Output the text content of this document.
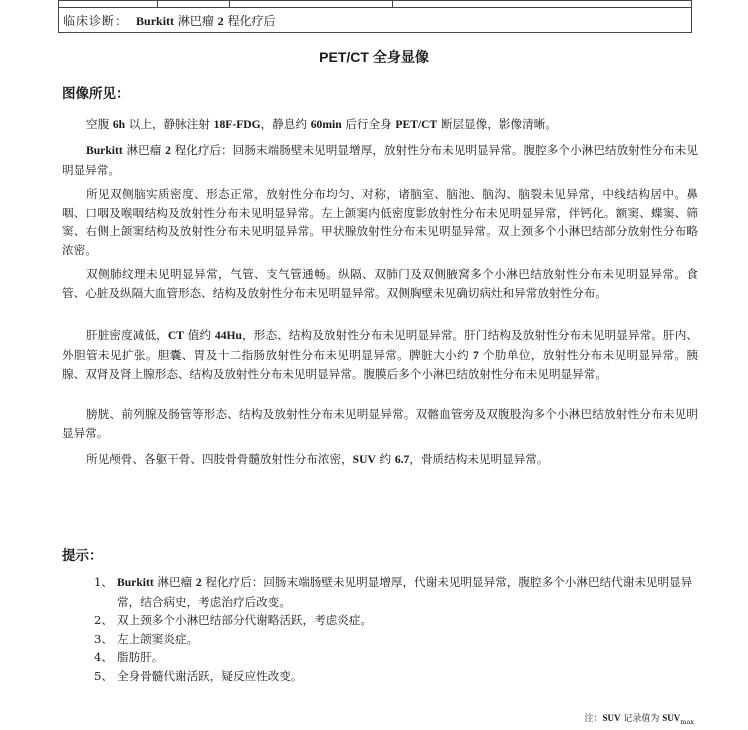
临床诊断： Burkitt 淋巴瘤 2 程化疗后
PET/CT 全身显像
图像所见：
空腹 6h 以上，静脉注射 18F-FDG，静息约 60min 后行全身 PET/CT 断层显像，影像清晰。
Burkitt 淋巴瘤 2 程化疗后：回肠末端肠壁未见明显增厚，放射性分布未见明显异常。腹腔多个小淋巴结放射性分布未见明显异常。
所见双侧脑实质密度、形态正常，放射性分布均匀、对称，诸脑室、脑池、脑沟、脑裂未见异常，中线结构居中。鼻咽、口咽及喉咽结构及放射性分布未见明显异常。左上颌窦内低密度影放射性分布未见明显异常，伴钙化。额窦、蝶窦、筛窦、右侧上颌窦结构及放射性分布未见明显异常。甲状腺放射性分布未见明显异常。双上颈多个小淋巴结部分放射性分布略浓密。
双侧肺纹理未见明显异常，气管、支气管通畅。纵隔、双肺门及双侧腋窝多个小淋巴结放射性分布未见明显异常。食管、心脏及纵隔大血管形态、结构及放射性分布未见明显异常。双侧胸壁未见确切病灶和异常放射性分布。
肝脏密度减低，CT 值约 44Hu，形态、结构及放射性分布未见明显异常。肝门结构及放射性分布未见明显异常。肝内、外胆管未见扩张。胆囊、胃及十二指肠放射性分布未见明显异常。脾脏大小约 7 个肋单位，放射性分布未见明显异常。胰腺、双肾及肾上腺形态、结构及放射性分布未见明显异常。腹膜后多个小淋巴结放射性分布未见明显异常。
膀胱、前列腺及肠管等形态、结构及放射性分布未见明显异常。双髂血管旁及双腹股沟多个小淋巴结放射性分布未见明显异常。
所见颅骨、各躯干骨、四肢骨骨髓放射性分布浓密，SUV 约 6.7，骨质结构未见明显异常。
提示：
1、 Burkitt 淋巴瘤 2 程化疗后：回肠末端肠壁未见明显增厚，代谢未见明显异常，腹腔多个小淋巴结代谢未见明显异常，结合病史，考虑治疗后改变。
2、 双上颈多个小淋巴结部分代谢略活跃，考虑炎症。
3、 左上颌窦炎症。
4、 脂肪肝。
5、 全身骨髓代谢活跃，疑反应性改变。
注：SUV 记录值为 $SUV_{max}$
